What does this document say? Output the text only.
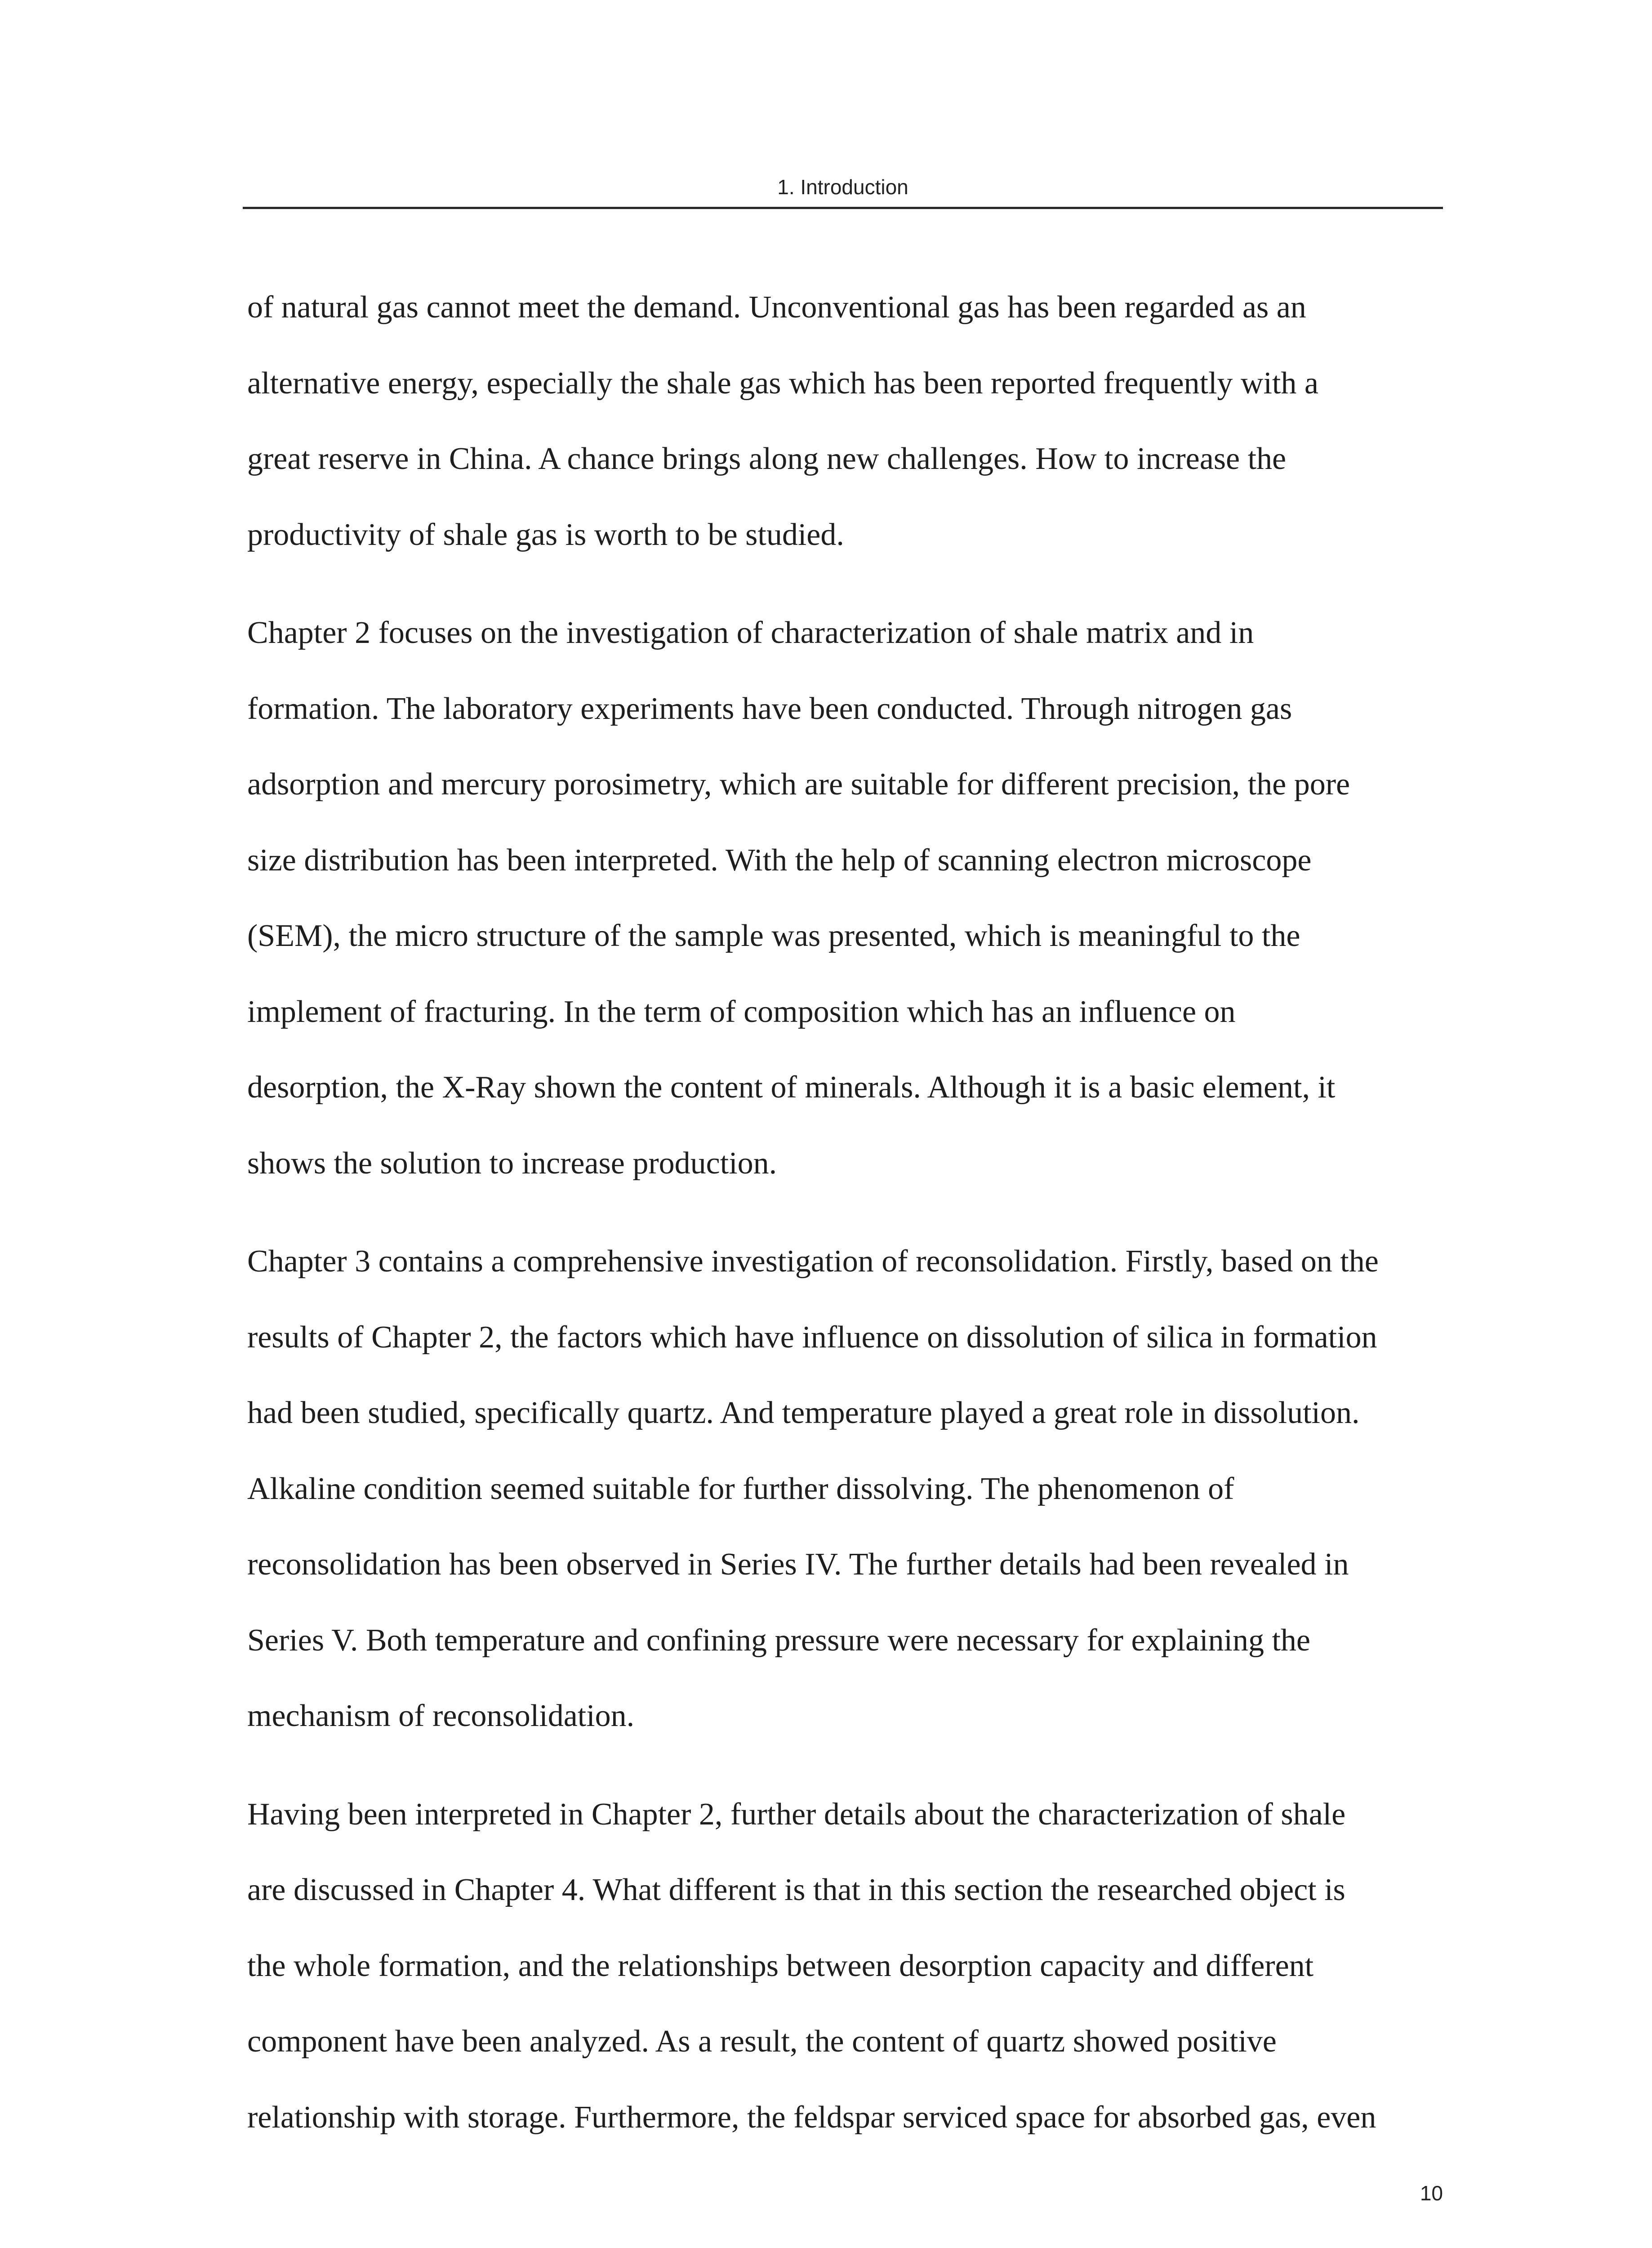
1. Introduction

of natural gas cannot meet the demand. Unconventional gas has been regarded as an
alternative energy, especially the shale gas which has been reported frequently with a
great reserve in China. A chance brings along new challenges. How to increase the
productivity of shale gas is worth to be studied.

Chapter 2 focuses on the investigation of characterization of shale matrix and in
formation. The laboratory experiments have been conducted. Through nitrogen gas
adsorption and mercury porosimetry, which are suitable for different precision, the pore
size distribution has been interpreted. With the help of scanning electron microscope
(SEM), the micro structure of the sample was presented, which is meaningful to the
implement of fracturing. In the term of composition which has an influence on
desorption, the X-Ray shown the content of minerals. Although it is a basic element, it
shows the solution to increase production.

Chapter 3 contains a comprehensive investigation of reconsolidation. Firstly, based on the
results of Chapter 2, the factors which have influence on dissolution of silica in formation
had been studied, specifically quartz. And temperature played a great role in dissolution.
Alkaline condition seemed suitable for further dissolving. The phenomenon of
reconsolidation has been observed in Series IV. The further details had been revealed in
Series V. Both temperature and confining pressure were necessary for explaining the
mechanism of reconsolidation.

Having been interpreted in Chapter 2, further details about the characterization of shale
are discussed in Chapter 4. What different is that in this section the researched object is
the whole formation, and the relationships between desorption capacity and different
component have been analyzed. As a result, the content of quartz showed positive
relationship with storage. Furthermore, the feldspar serviced space for absorbed gas, even

10
